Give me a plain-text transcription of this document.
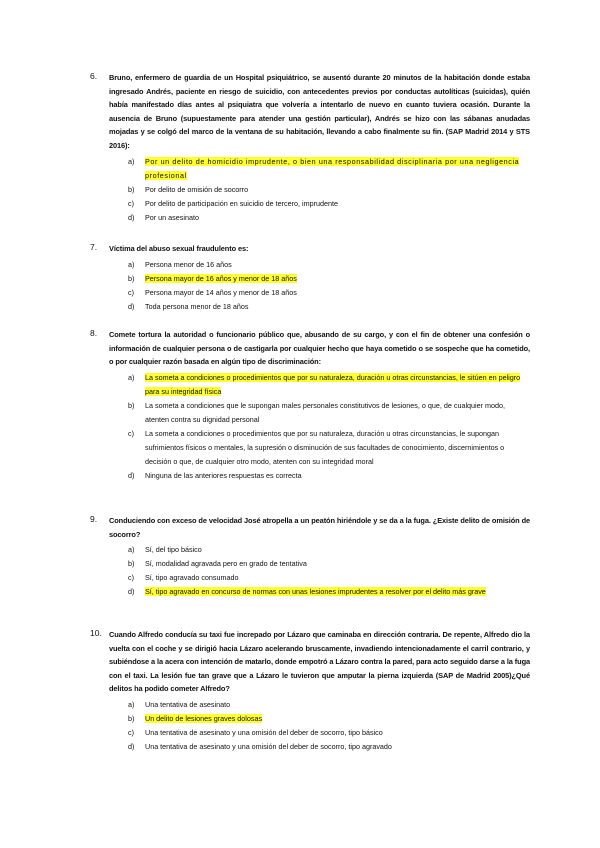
6. Bruno, enfermero de guardia de un Hospital psiquiátrico, se ausentó durante 20 minutos de la habitación donde estaba ingresado Andrés, paciente en riesgo de suicidio, con antecedentes previos por conductas autolíticas (suicidas), quién había manifestado días antes al psiquiatra que volvería a intentarlo de nuevo en cuanto tuviera ocasión. Durante la ausencia de Bruno (supuestamente para atender una gestión particular), Andrés se hizo con las sábanas anudadas mojadas y se colgó del marco de la ventana de su habitación, llevando a cabo finalmente su fin. (SAP Madrid 2014 y STS 2016):
a) Por un delito de homicidio imprudente, o bien una responsabilidad disciplinaria por una negligencia profesional
b) Por delito de omisión de socorro
c) Por delito de participación en suicidio de tercero, imprudente
d) Por un asesinato
7. Víctima del abuso sexual fraudulento es:
a) Persona menor de 16 años
b) Persona mayor de 16 años y menor de 18 años
c) Persona mayor de 14 años y menor de 18 años
d) Toda persona menor de 18 años
8. Comete tortura la autoridad o funcionario público que, abusando de su cargo, y con el fin de obtener una confesión o información de cualquier persona o de castigarla por cualquier hecho que haya cometido o se sospeche que ha cometido, o por cualquier razón basada en algún tipo de discriminación:
a) La someta a condiciones o procedimientos que por su naturaleza, duración u otras circunstancias, le sitúen en peligro para su integridad física
b) La someta a condiciones que le supongan males personales constitutivos de lesiones, o que, de cualquier modo, atenten contra su dignidad personal
c) La someta a condiciones o procedimientos que por su naturaleza, duración u otras circunstancias, le supongan sufrimientos físicos o mentales, la supresión o disminución de sus facultades de conocimiento, discernimientos o decisión o que, de cualquier otro modo, atenten con su integridad moral
d) Ninguna de las anteriores respuestas es correcta
9. Conduciendo con exceso de velocidad José atropella a un peatón hiriéndole y se da a la fuga. ¿Existe delito de omisión de socorro?
a) Sí, del tipo básico
b) Sí, modalidad agravada pero en grado de tentativa
c) Sí, tipo agravado consumado
d) Sí, tipo agravado en concurso de normas con unas lesiones imprudentes a resolver por el delito más grave
10. Cuando Alfredo conducía su taxi fue increpado por Lázaro que caminaba en dirección contraria. De repente, Alfredo dio la vuelta con el coche y se dirigió hacia Lázaro acelerando bruscamente, invadiendo intencionadamente el carril contrario, y subiéndose a la acera con intención de matarlo, donde empotró a Lázaro contra la pared, para acto seguido darse a la fuga con el taxi. La lesión fue tan grave que a Lázaro le tuvieron que amputar la pierna izquierda (SAP de Madrid 2005)¿Qué delitos ha podido cometer Alfredo?
a) Una tentativa de asesinato
b) Un delito de lesiones graves dolosas
c) Una tentativa de asesinato y una omisión del deber de socorro, tipo básico
d) Una tentativa de asesinato y una omisión del deber de socorro, tipo agravado
